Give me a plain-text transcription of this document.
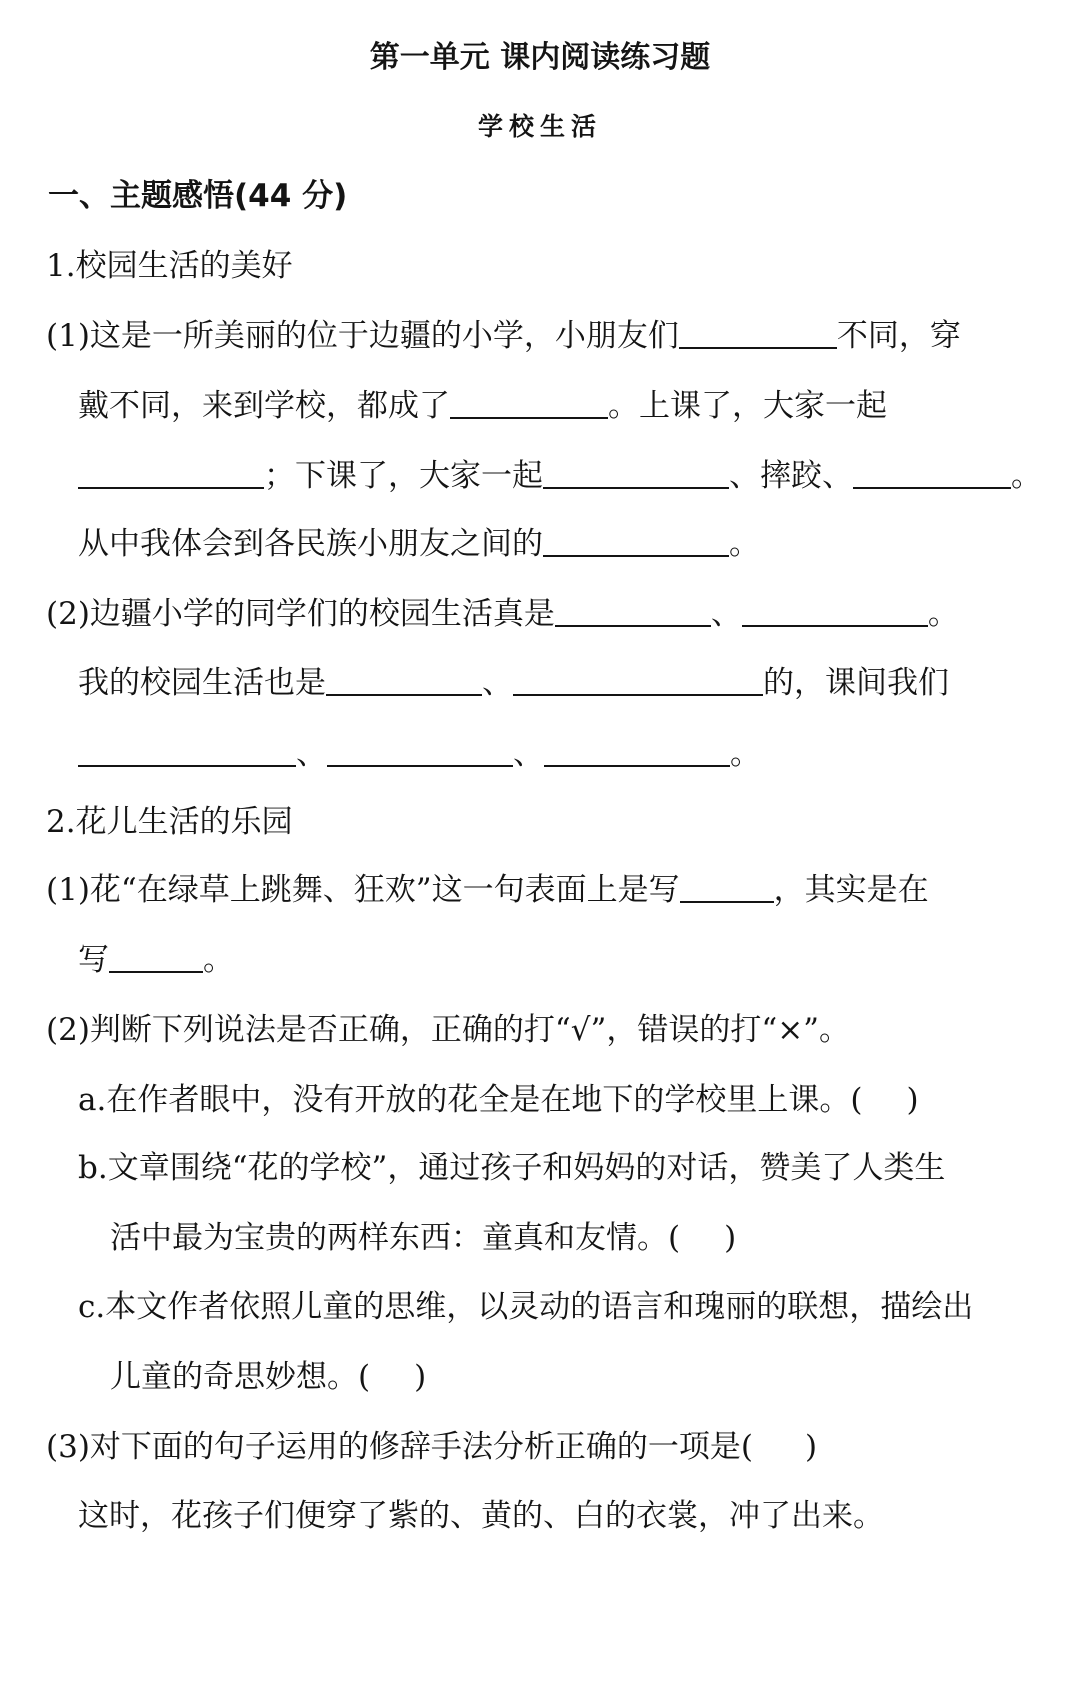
第一单元 课内阅读练习题
学校生活
一、主题感悟(44 分)
1.校园生活的美好
(1)这是一所美丽的位于边疆的小学，小朋友们	不同，穿
戴不同，来到学校，都成了	。上课了，大家一起
；下课了，大家一起	、摔跤、	。
从中我体会到各民族小朋友之间的	。
(2)边疆小学的同学们的校园生活真是	、	。
我的校园生活也是	、	的，课间我们
、	、	。
2.花儿生活的乐园
(1)花“在绿草上跳舞、狂欢”这一句表面上是写	，其实是在
写	。
(2)判断下列说法是否正确，正确的打“√”，错误的打“×”。
a.在作者眼中，没有开放的花全是在地下的学校里上课。( )
b.文章围绕“花的学校”，通过孩子和妈妈的对话，赞美了人类生
活中最为宝贵的两样东西：童真和友情。( )
c.本文作者依照儿童的思维，以灵动的语言和瑰丽的联想，描绘出
儿童的奇思妙想。( )
(3)对下面的句子运用的修辞手法分析正确的一项是( )
这时，花孩子们便穿了紫的、黄的、白的衣裳，冲了出来。
